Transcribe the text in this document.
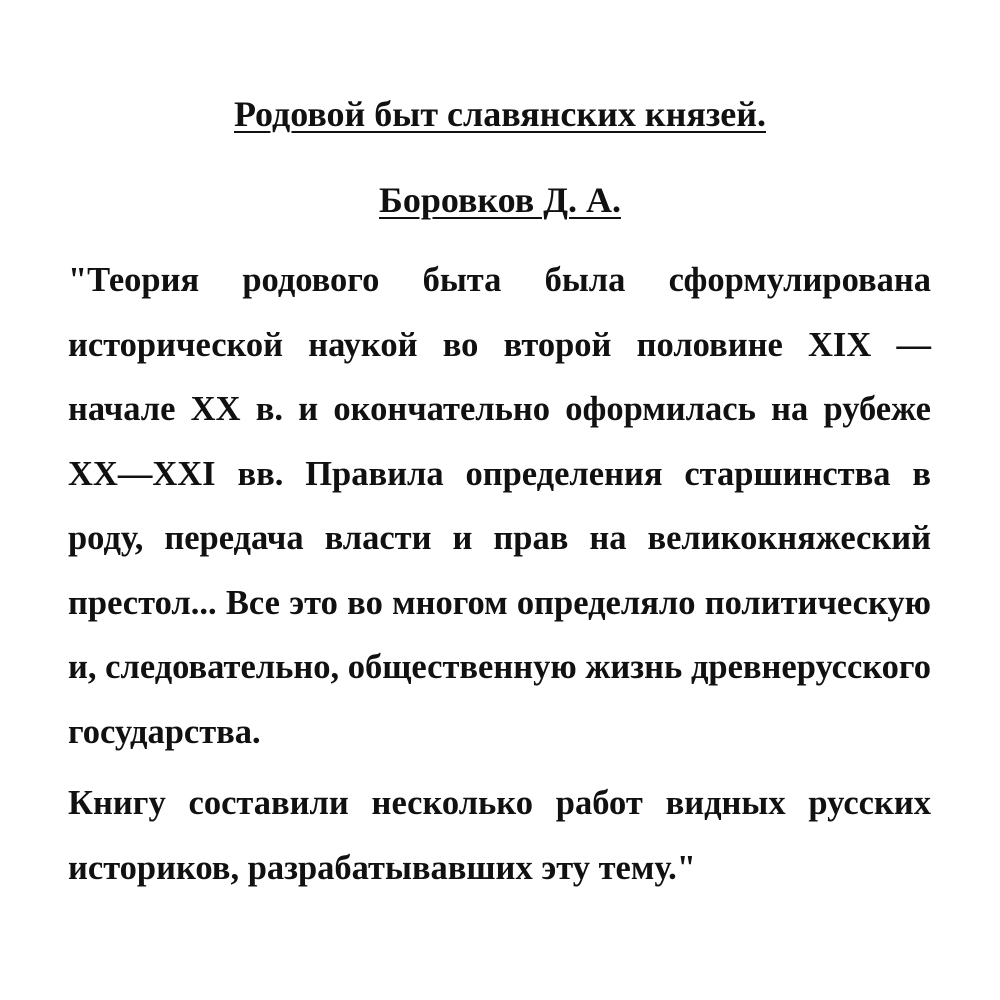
Родовой быт славянских князей.
Боровков Д. А.
"Теория родового быта была сформулирована исторической наукой во второй половине XIX — начале XX в. и окончательно оформилась на рубеже XX—XXI вв. Правила определения старшинства в роду, передача власти и прав на великокняжеский престол... Все это во многом определяло политическую и, следовательно, общественную жизнь древнерусского государства.
Книгу составили несколько работ видных русских историков, разрабатывавших эту тему."
